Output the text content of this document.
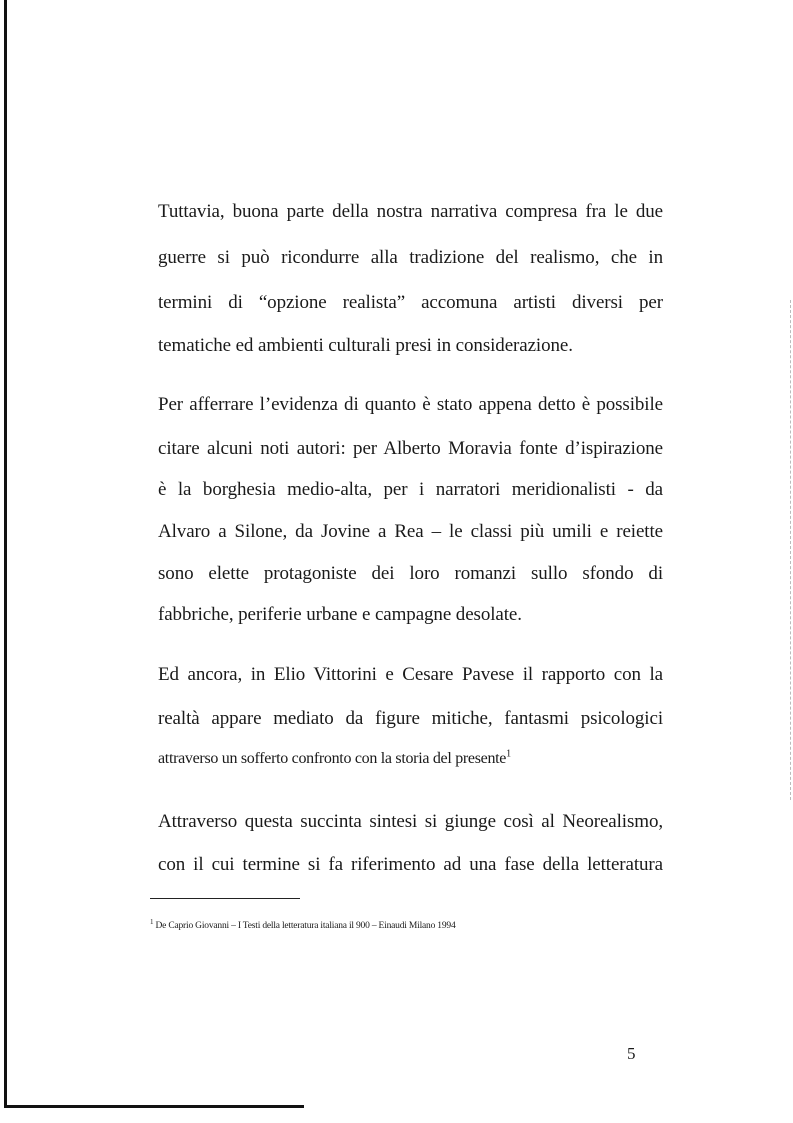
Tuttavia, buona parte della nostra narrativa compresa fra le due
guerre si può ricondurre alla tradizione del realismo, che in
termini di “opzione realista” accomuna artisti diversi per
tematiche ed ambienti culturali presi in considerazione.
Per afferrare l’evidenza di quanto è stato appena detto è possibile
citare alcuni noti autori: per Alberto Moravia fonte d’ispirazione
è la borghesia medio-alta, per i narratori meridionalisti - da
Alvaro a Silone, da Jovine a Rea – le classi più umili e reiette
sono elette protagoniste dei loro romanzi sullo sfondo di
fabbriche, periferie urbane e campagne desolate.
Ed ancora, in Elio Vittorini e Cesare Pavese il rapporto con la
realtà appare mediato da figure mitiche, fantasmi psicologici
attraverso un sofferto confronto con la storia del presente$^1$
Attraverso questa succinta sintesi si giunge così al Neorealismo,
con il cui termine si fa riferimento ad una fase della letteratura
$^1$ De Caprio Giovanni – I Testi della letteratura italiana il 900 – Einaudi Milano 1994
5
